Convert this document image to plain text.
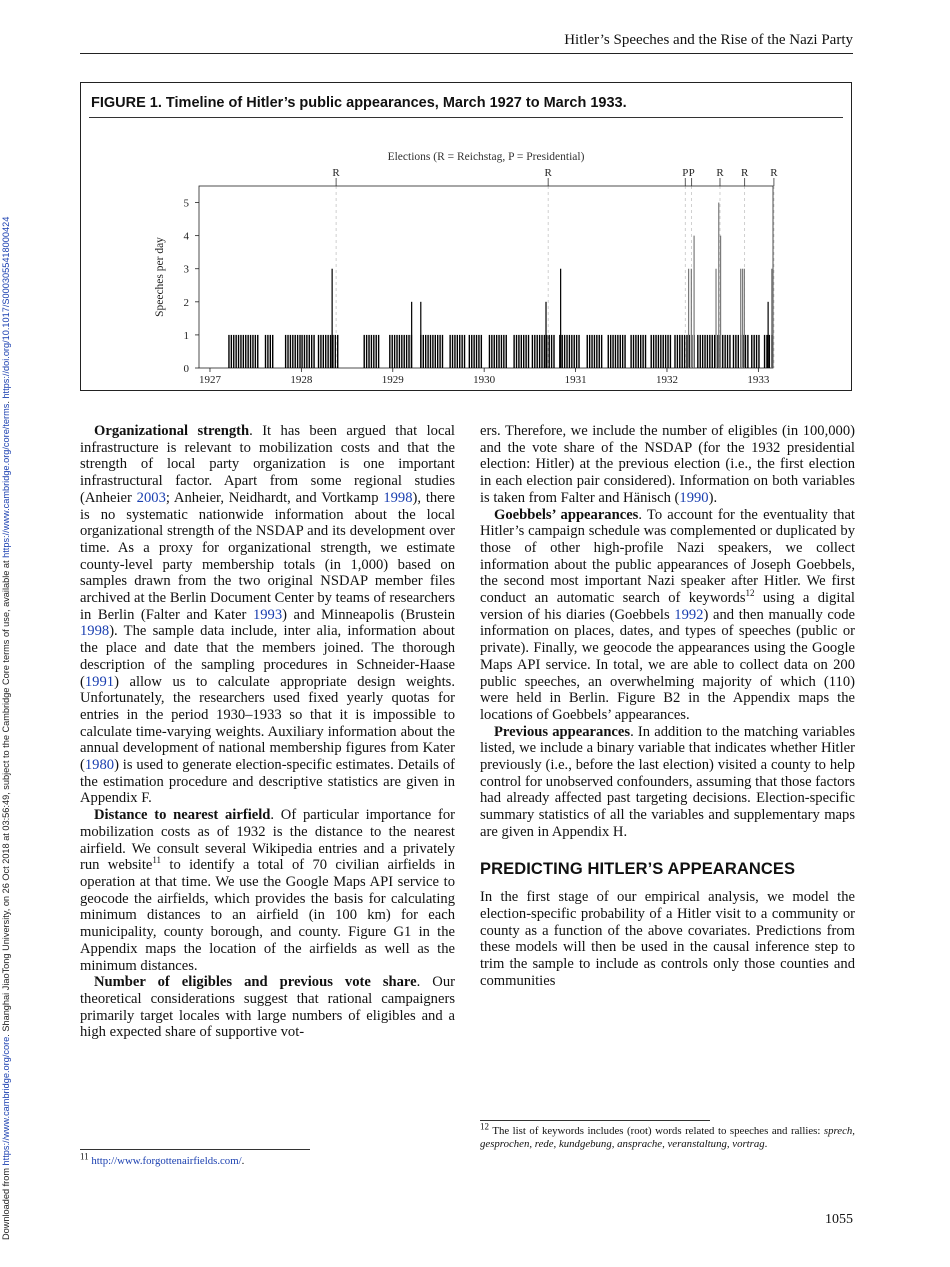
Downloaded from https://www.cambridge.org/core. Shanghai JiaoTong University, on 26 Oct 2018 at 03:56:49, subject to the Cambridge Core terms of use, available at https://www.cambridge.org/core/terms. https://doi.org/10.1017/S0003055418000424
Hitler’s Speeches and the Rise of the Nazi Party
FIGURE 1. Timeline of Hitler’s public appearances, March 1927 to March 1933.
Elections (R = Reichstag, P = Presidential)
R	R	P P R R R
0
1
2
3
4
5
Speeches per day
1927	1928	1929	1930	1931	1932	1933

Organizational strength. It has been argued that local infrastructure is relevant to mobilization costs and that the strength of local party organization is one important infrastructural factor. Apart from some regional studies (Anheier 2003; Anheier, Neidhardt, and Vortkamp 1998), there is no systematic nationwide information about the local organizational strength of the NSDAP and its development over time. As a proxy for organizational strength, we estimate county-level party membership totals (in 1,000) based on samples drawn from the two original NSDAP member files archived at the Berlin Document Center by teams of researchers in Berlin (Falter and Kater 1993) and Minneapolis (Brustein 1998). The sample data include, inter alia, information about the place and date that the members joined. The thorough description of the sampling procedures in Schneider-Haase (1991) allow us to calculate appropriate design weights. Unfortunately, the researchers used fixed yearly quotas for entries in the period 1930–1933 so that it is impossible to calculate time-varying weights. Auxiliary information about the annual development of national membership figures from Kater (1980) is used to generate election-specific estimates. Details of the estimation procedure and descriptive statistics are given in Appendix F.

Distance to nearest airfield. Of particular importance for mobilization costs as of 1932 is the distance to the nearest airfield. We consult several Wikipedia entries and a privately run website$^{11}$ to identify a total of 70 civilian airfields in operation at that time. We use the Google Maps API service to geocode the airfields, which provides the basis for calculating minimum distances to an airfield (in 100 km) for each municipality, county borough, and county. Figure G1 in the Appendix maps the location of the airfields as well as the minimum distances.

Number of eligibles and previous vote share. Our theoretical considerations suggest that rational campaigners primarily target locales with large numbers of eligibles and a high expected share of supportive vot-

ers. Therefore, we include the number of eligibles (in 100,000) and the vote share of the NSDAP (for the 1932 presidential election: Hitler) at the previous election (i.e., the first election in each election pair considered). Information on both variables is taken from Falter and Hänisch (1990).

Goebbels’ appearances. To account for the eventuality that Hitler’s campaign schedule was complemented or duplicated by those of other high-profile Nazi speakers, we collect information about the public appearances of Joseph Goebbels, the second most important Nazi speaker after Hitler. We first conduct an automatic search of keywords$^{12}$ using a digital version of his diaries (Goebbels 1992) and then manually code information on places, dates, and types of speeches (public or private). Finally, we geocode the appearances using the Google Maps API service. In total, we are able to collect data on 200 public speeches, an overwhelming majority of which (110) were held in Berlin. Figure B2 in the Appendix maps the locations of Goebbels’ appearances.

Previous appearances. In addition to the matching variables listed, we include a binary variable that indicates whether Hitler previously (i.e., before the last election) visited a county to help control for unobserved confounders, assuming that those factors had already affected past targeting decisions. Election-specific summary statistics of all the variables and supplementary maps are given in Appendix H.

PREDICTING HITLER’S APPEARANCES

In the first stage of our empirical analysis, we model the election-specific probability of a Hitler visit to a community or county as a function of the above covariates. Predictions from these models will then be used in the causal inference step to trim the sample to include as controls only those counties and communities

$^{11}$ http://www.forgottenairfields.com/.
$^{12}$ The list of keywords includes (root) words related to speeches and rallies: sprech, gesprochen, rede, kundgebung, ansprache, veranstaltung, vortrag.
1055
